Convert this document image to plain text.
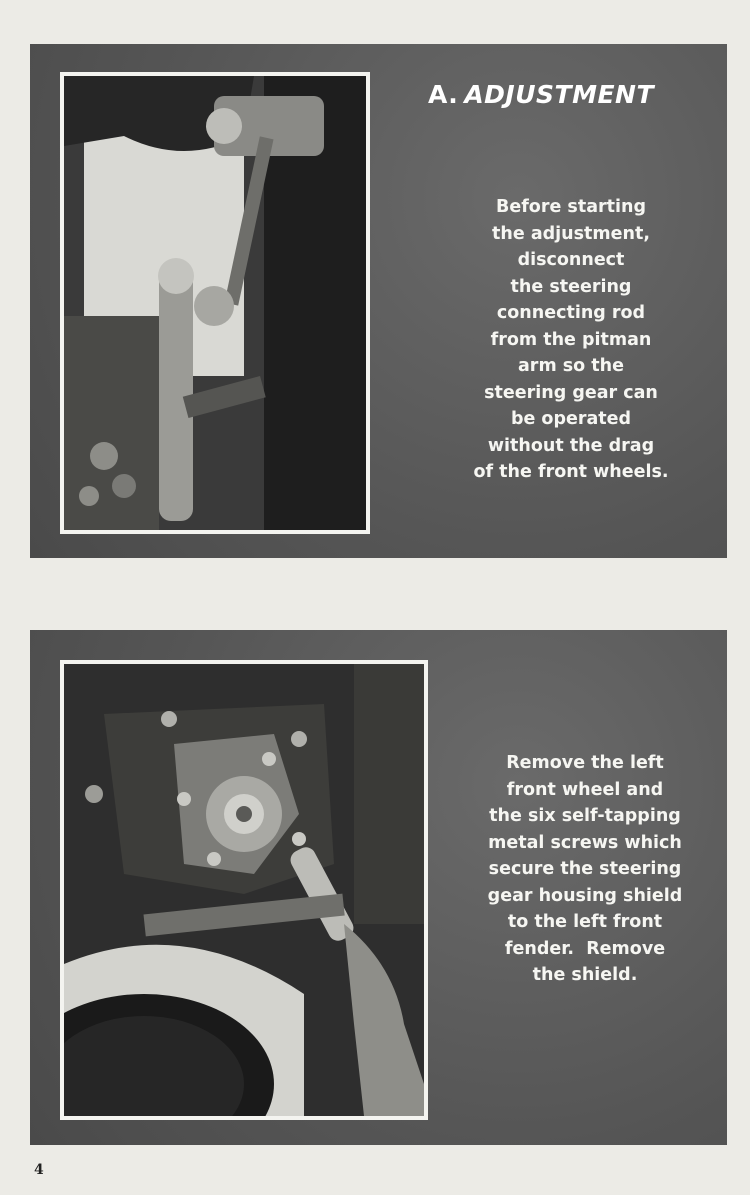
A. ADJUSTMENT
Before starting
the adjustment,
disconnect
the steering
connecting rod
from the pitman
arm so the
steering gear can
be operated
without the drag
of the front wheels.
Remove the left
front wheel and
the six self-tapping
metal screws which
secure the steering
gear housing shield
to the left front
fender.  Remove
the shield.
4
